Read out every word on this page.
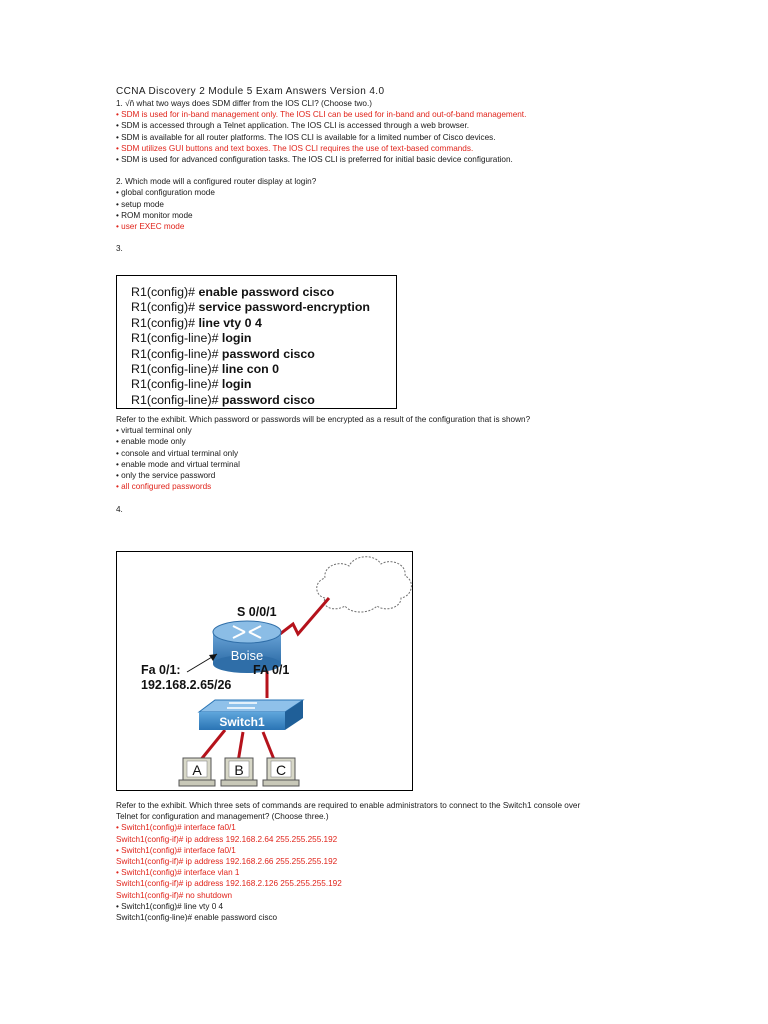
CCNA Discovery 2 Module 5 Exam Answers Version 4.0
1. √ň what two ways does SDM differ from the IOS CLI? (Choose two.)
• SDM is used for in-band management only. The IOS CLI can be used for in-band and out-of-band management.
• SDM is accessed through a Telnet application. The IOS CLI is accessed through a web browser.
• SDM is available for all router platforms. The IOS CLI is available for a limited number of Cisco devices.
• SDM utilizes GUI buttons and text boxes. The IOS CLI requires the use of text-based commands.
• SDM is used for advanced configuration tasks. The IOS CLI is preferred for initial basic device configuration.
2. Which mode will a configured router display at login?
• global configuration mode
• setup mode
• ROM monitor mode
• user EXEC mode
3.
R1(config)# enable password cisco
R1(config)# service password-encryption
R1(config)# line vty 0 4
R1(config-line)# login
R1(config-line)# password cisco
R1(config-line)# line con 0
R1(config-line)# login
R1(config-line)# password cisco
Refer to the exhibit. Which password or passwords will be encrypted as a result of the configuration that is shown?
• virtual terminal only
• enable mode only
• console and virtual terminal only
• enable mode and virtual terminal
• only the service password
• all configured passwords
4.
Boise
Switch1
A B C
S 0/0/1
Fa 0/1:
192.168.2.65/26
FA 0/1
Refer to the exhibit. Which three sets of commands are required to enable administrators to connect to the Switch1 console over
Telnet for configuration and management? (Choose three.)
• Switch1(config)# interface fa0/1
Switch1(config-if)# ip address 192.168.2.64 255.255.255.192
• Switch1(config)# interface fa0/1
Switch1(config-if)# ip address 192.168.2.66 255.255.255.192
• Switch1(config)# interface vlan 1
Switch1(config-if)# ip address 192.168.2.126 255.255.255.192
Switch1(config-if)# no shutdown
• Switch1(config)# line vty 0 4
Switch1(config-line)# enable password cisco
